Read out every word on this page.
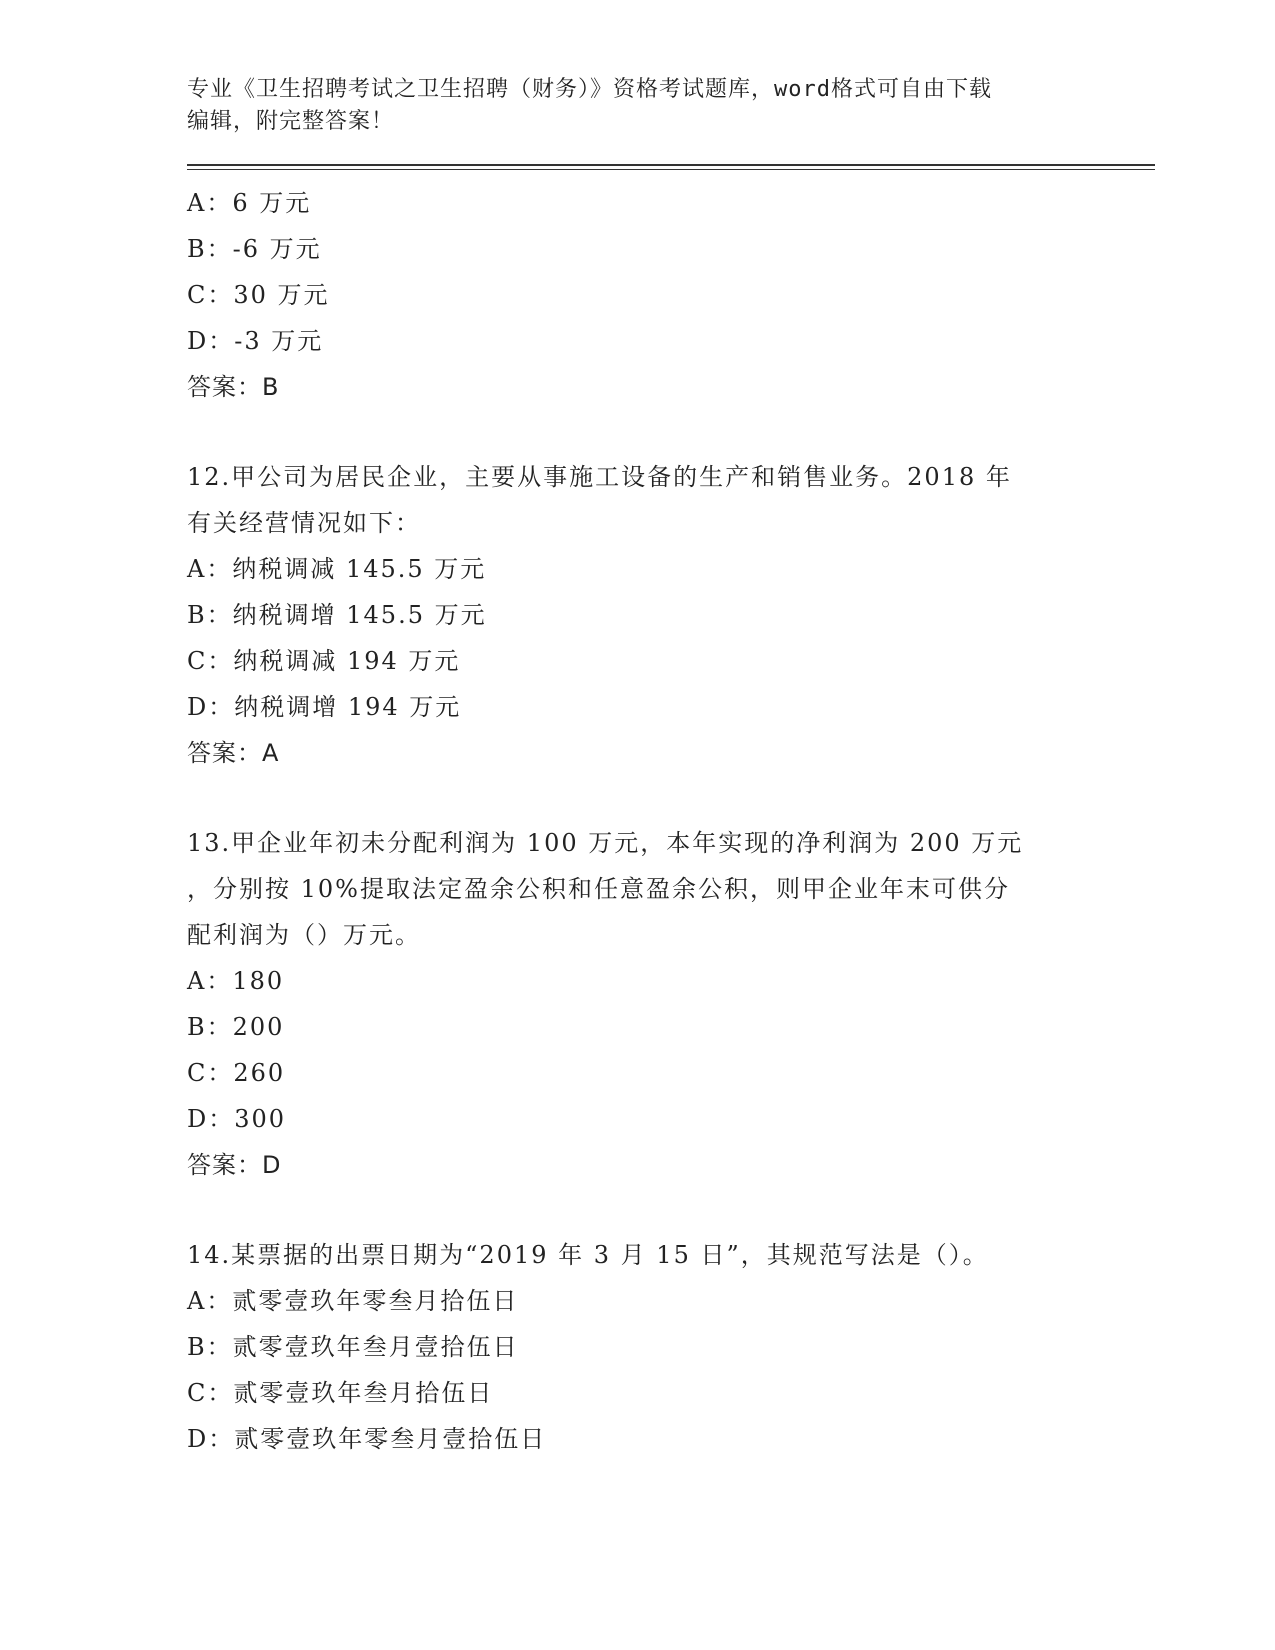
专业《卫生招聘考试之卫生招聘（财务）》资格考试题库，word格式可自由下载

编辑，附完整答案！

A：6 万元

B：-6 万元

C：30 万元

D：-3 万元

答案：B

12.甲公司为居民企业，主要从事施工设备的生产和销售业务。2018 年

有关经营情况如下：

A：纳税调减 145.5 万元

B：纳税调增 145.5 万元

C：纳税调减 194 万元

D：纳税调增 194 万元

答案：A

13.甲企业年初未分配利润为 100 万元，本年实现的净利润为 200 万元

，分别按 10%提取法定盈余公积和任意盈余公积，则甲企业年末可供分

配利润为（）万元。

A：180

B：200

C：260

D：300

答案：D

14.某票据的出票日期为“2019 年 3 月 15 日”，其规范写法是（）。

A：贰零壹玖年零叁月拾伍日

B：贰零壹玖年叁月壹拾伍日

C：贰零壹玖年叁月拾伍日

D：贰零壹玖年零叁月壹拾伍日
